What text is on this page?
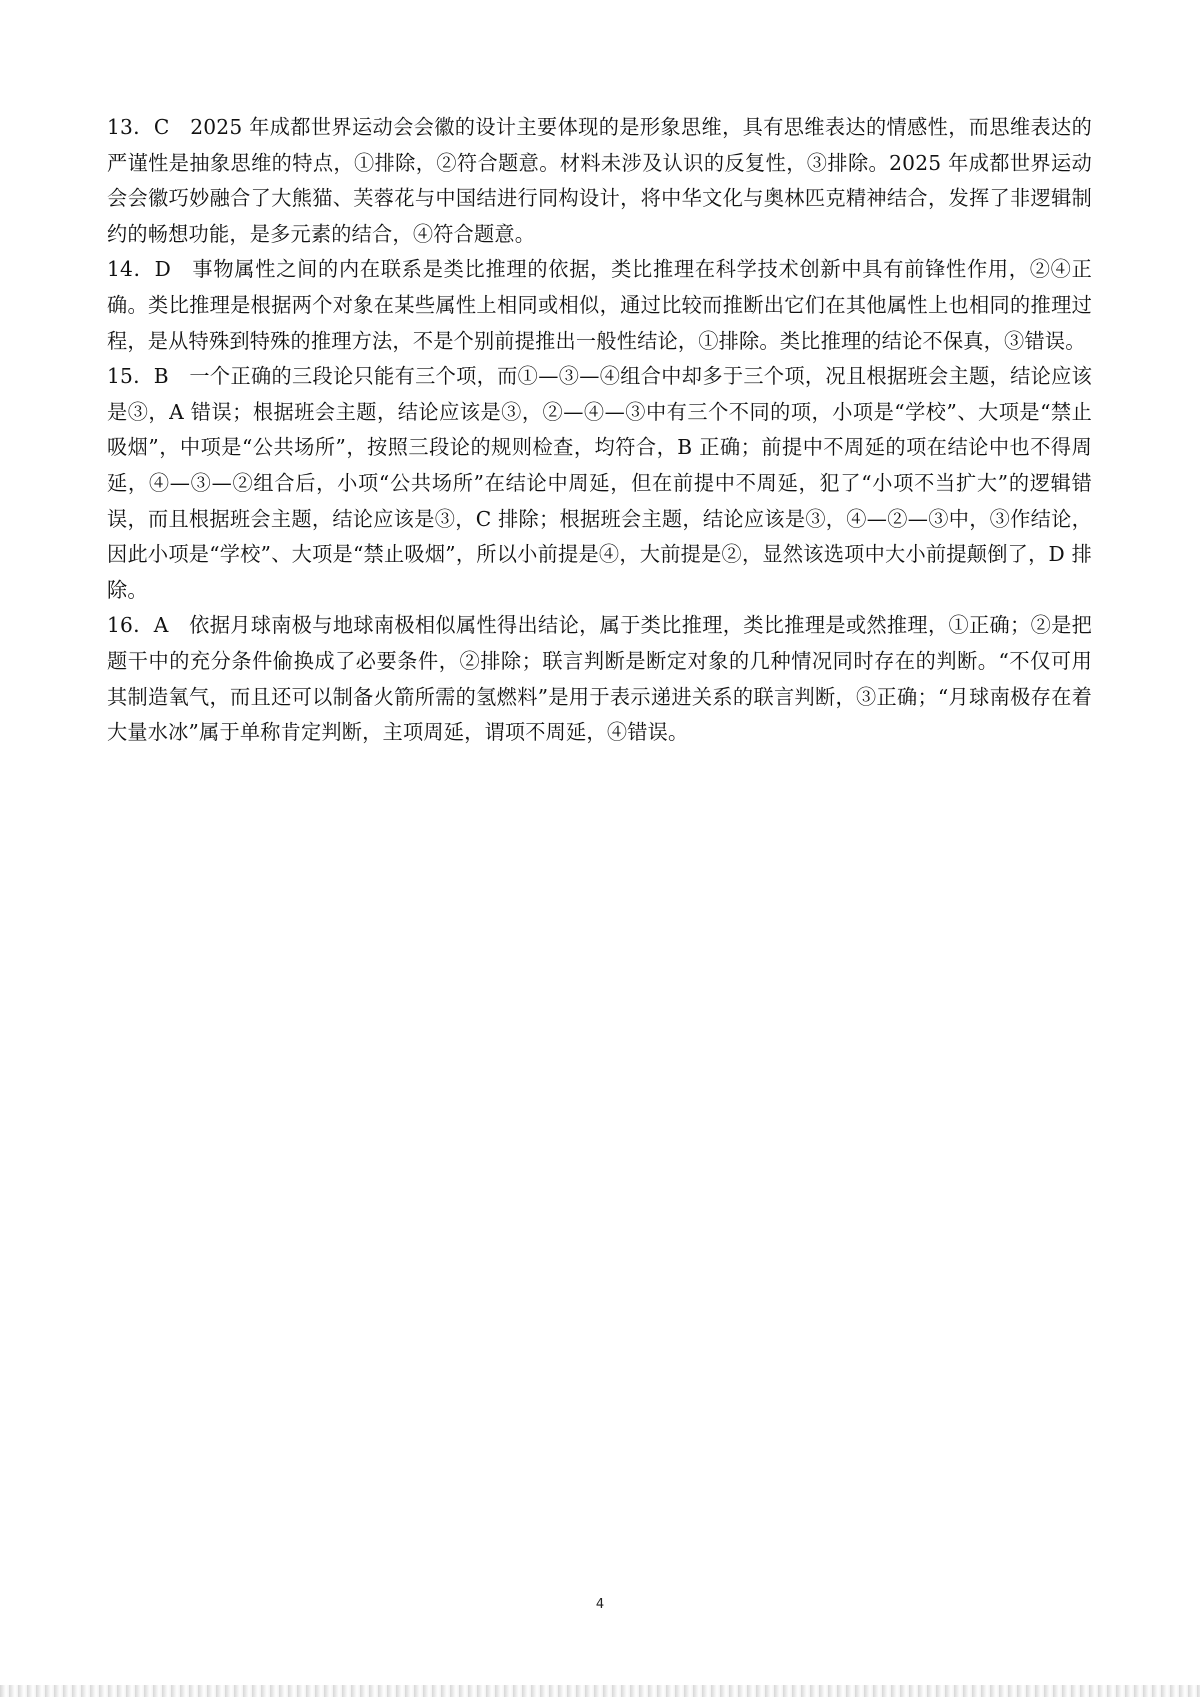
13．C　2025 年成都世界运动会会徽的设计主要体现的是形象思维，具有思维表达的情感性，而思维表达的严谨性是抽象思维的特点，①排除，②符合题意。材料未涉及认识的反复性，③排除。2025 年成都世界运动会会徽巧妙融合了大熊猫、芙蓉花与中国结进行同构设计，将中华文化与奥林匹克精神结合，发挥了非逻辑制约的畅想功能，是多元素的结合，④符合题意。

14．D　事物属性之间的内在联系是类比推理的依据，类比推理在科学技术创新中具有前锋性作用，②④正确。类比推理是根据两个对象在某些属性上相同或相似，通过比较而推断出它们在其他属性上也相同的推理过程，是从特殊到特殊的推理方法，不是个别前提推出一般性结论，①排除。类比推理的结论不保真，③错误。

15．B　一个正确的三段论只能有三个项，而①—③—④组合中却多于三个项，况且根据班会主题，结论应该是③，A 错误；根据班会主题，结论应该是③，②—④—③中有三个不同的项，小项是“学校”、大项是“禁止吸烟”，中项是“公共场所”，按照三段论的规则检查，均符合，B 正确；前提中不周延的项在结论中也不得周延，④—③—②组合后，小项“公共场所”在结论中周延，但在前提中不周延，犯了“小项不当扩大”的逻辑错误，而且根据班会主题，结论应该是③，C 排除；根据班会主题，结论应该是③，④—②—③中，③作结论，因此小项是“学校”、大项是“禁止吸烟”，所以小前提是④，大前提是②，显然该选项中大小前提颠倒了，D 排除。

16．A　依据月球南极与地球南极相似属性得出结论，属于类比推理，类比推理是或然推理，①正确；②是把题干中的充分条件偷换成了必要条件，②排除；联言判断是断定对象的几种情况同时存在的判断。“不仅可用其制造氧气，而且还可以制备火箭所需的氢燃料”是用于表示递进关系的联言判断，③正确；“月球南极存在着大量水冰”属于单称肯定判断，主项周延，谓项不周延，④错误。

4
